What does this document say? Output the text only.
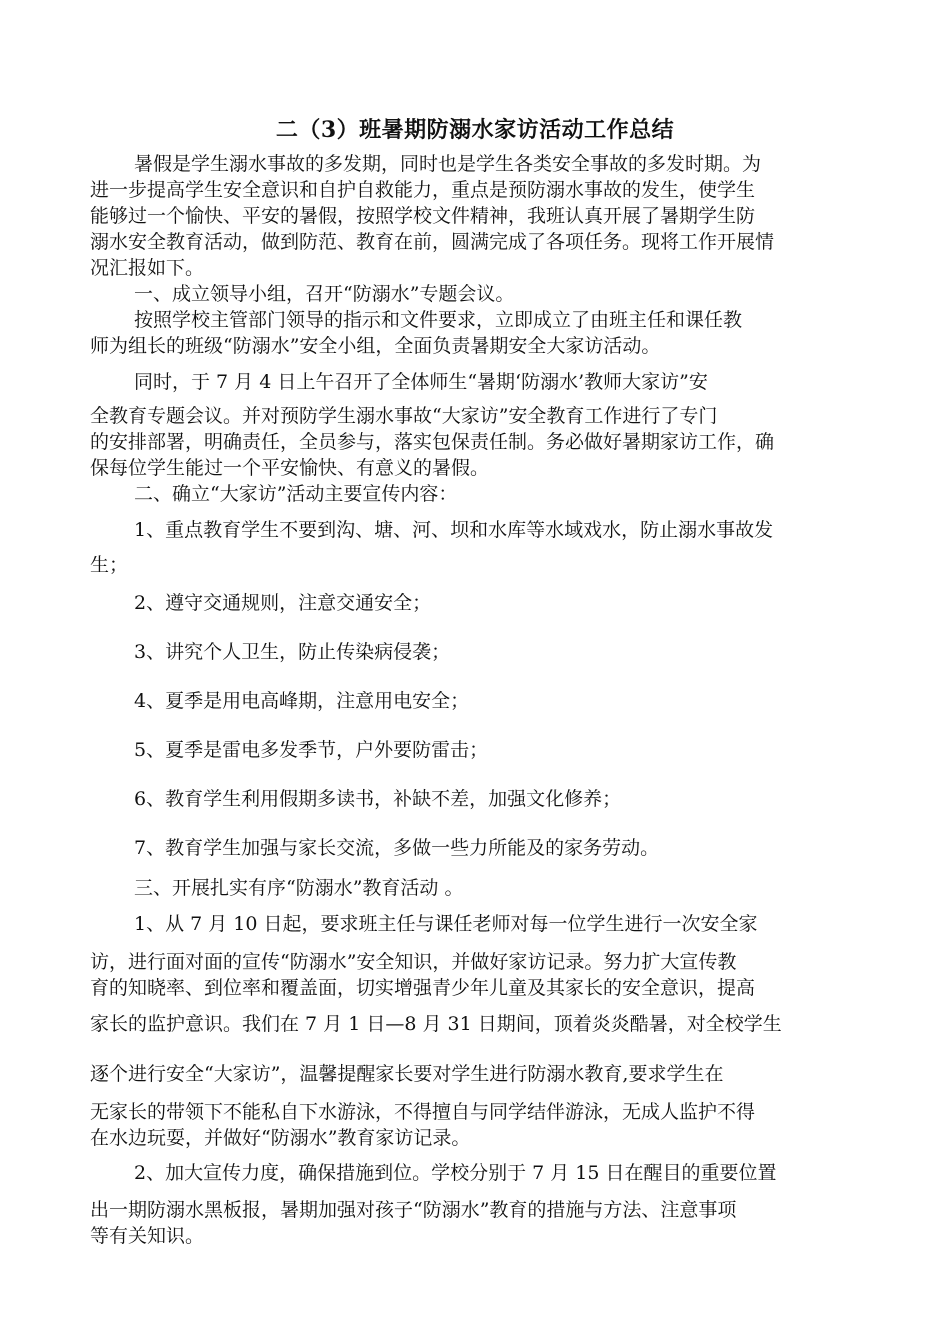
二（3）班暑期防溺水家访活动工作总结
暑假是学生溺水事故的多发期，同时也是学生各类安全事故的多发时期。为
进一步提高学生安全意识和自护自救能力，重点是预防溺水事故的发生，使学生
能够过一个愉快、平安的暑假，按照学校文件精神，我班认真开展了暑期学生防
溺水安全教育活动，做到防范、教育在前，圆满完成了各项任务。现将工作开展情
况汇报如下。
一、成立领导小组，召开“防溺水”专题会议。
按照学校主管部门领导的指示和文件要求，立即成立了由班主任和课任教
师为组长的班级“防溺水”安全小组，全面负责暑期安全大家访活动。
同时，于 7 月 4 日上午召开了全体师生“暑期‘防溺水’教师大家访”安
全教育专题会议。并对预防学生溺水事故“大家访”安全教育工作进行了专门
的安排部署，明确责任，全员参与，落实包保责任制。务必做好暑期家访工作，确
保每位学生能过一个平安愉快、有意义的暑假。
二、确立“大家访”活动主要宣传内容：
1、重点教育学生不要到沟、塘、河、坝和水库等水域戏水，防止溺水事故发
生；
2、遵守交通规则，注意交通安全；
3、讲究个人卫生，防止传染病侵袭；
4、夏季是用电高峰期，注意用电安全；
5、夏季是雷电多发季节，户外要防雷击；
6、教育学生利用假期多读书，补缺不差，加强文化修养；
7、教育学生加强与家长交流，多做一些力所能及的家务劳动。
三、开展扎实有序“防溺水”教育活动 。
1、从 7 月 10 日起，要求班主任与课任老师对每一位学生进行一次安全家
访，进行面对面的宣传“防溺水”安全知识，并做好家访记录。努力扩大宣传教
育的知晓率、到位率和覆盖面，切实增强青少年儿童及其家长的安全意识，提高
家长的监护意识。我们在 7 月 1 日—8 月 31 日期间，顶着炎炎酷暑，对全校学生
逐个进行安全“大家访”，温馨提醒家长要对学生进行防溺水教育,要求学生在
无家长的带领下不能私自下水游泳，不得擅自与同学结伴游泳，无成人监护不得
在水边玩耍，并做好“防溺水”教育家访记录。
2、加大宣传力度，确保措施到位。学校分别于 7 月 15 日在醒目的重要位置
出一期防溺水黑板报，暑期加强对孩子“防溺水”教育的措施与方法、注意事项
等有关知识。
